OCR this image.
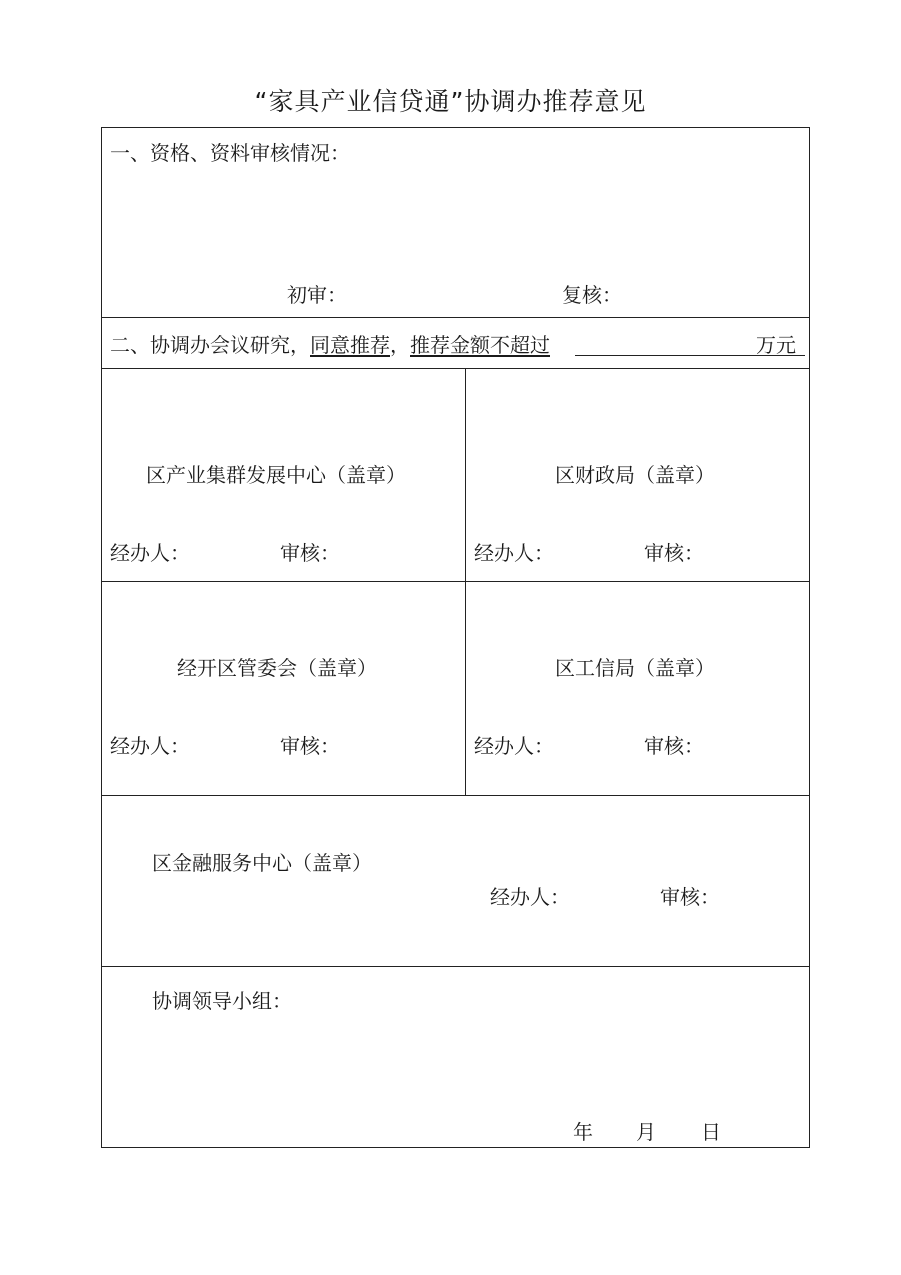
“家具产业信贷通”协调办推荐意见
一、资格、资料审核情况：
初审：	复核：
二、协调办会议研究，同意推荐，推荐金额不超过	万元
区产业集群发展中心（盖章）
经办人：	审核：
区财政局（盖章）
经办人：	审核：
经开区管委会（盖章）
经办人：	审核：
区工信局（盖章）
经办人：	审核：
区金融服务中心（盖章）
经办人：	审核：
协调领导小组：
年 月 日
